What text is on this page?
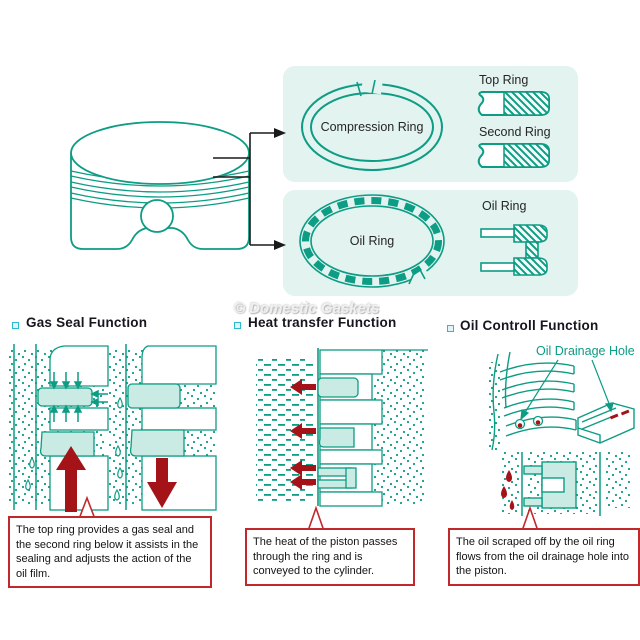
Compression Ring
Top Ring
Second Ring
Oil Ring
Oil Ring
© Domestic Gaskets
Gas Seal Function	Heat transfer Function	Oil Controll Function
Oil Drainage Hole
The top ring provides a gas seal and the second ring below it assists in the sealing and adjusts the action of the oil film.
The heat of the piston passes through the ring and is conveyed to the cylinder.
The oil scraped off by the oil ring flows from the oil drainage hole into the piston.
